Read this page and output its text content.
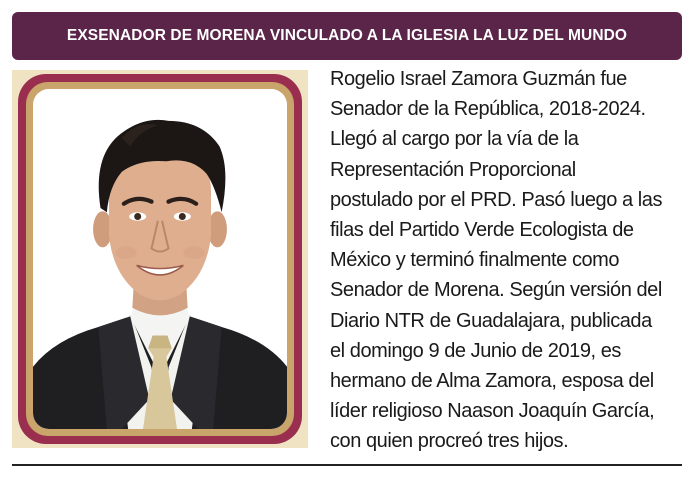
EXSENADOR DE MORENA VINCULADO A LA IGLESIA LA LUZ DEL MUNDO
Rogelio Israel Zamora Guzmán fue
Senador de la República, 2018-2024.
Llegó al cargo por la vía de la
Representación Proporcional
postulado por el PRD. Pasó luego a las
filas del Partido Verde Ecologista de
México y terminó finalmente como
Senador de Morena. Según versión del
Diario NTR de Guadalajara, publicada
el domingo 9 de Junio de 2019, es
hermano de Alma Zamora, esposa del
líder religioso Naason Joaquín García,
con quien procreó tres hijos.
